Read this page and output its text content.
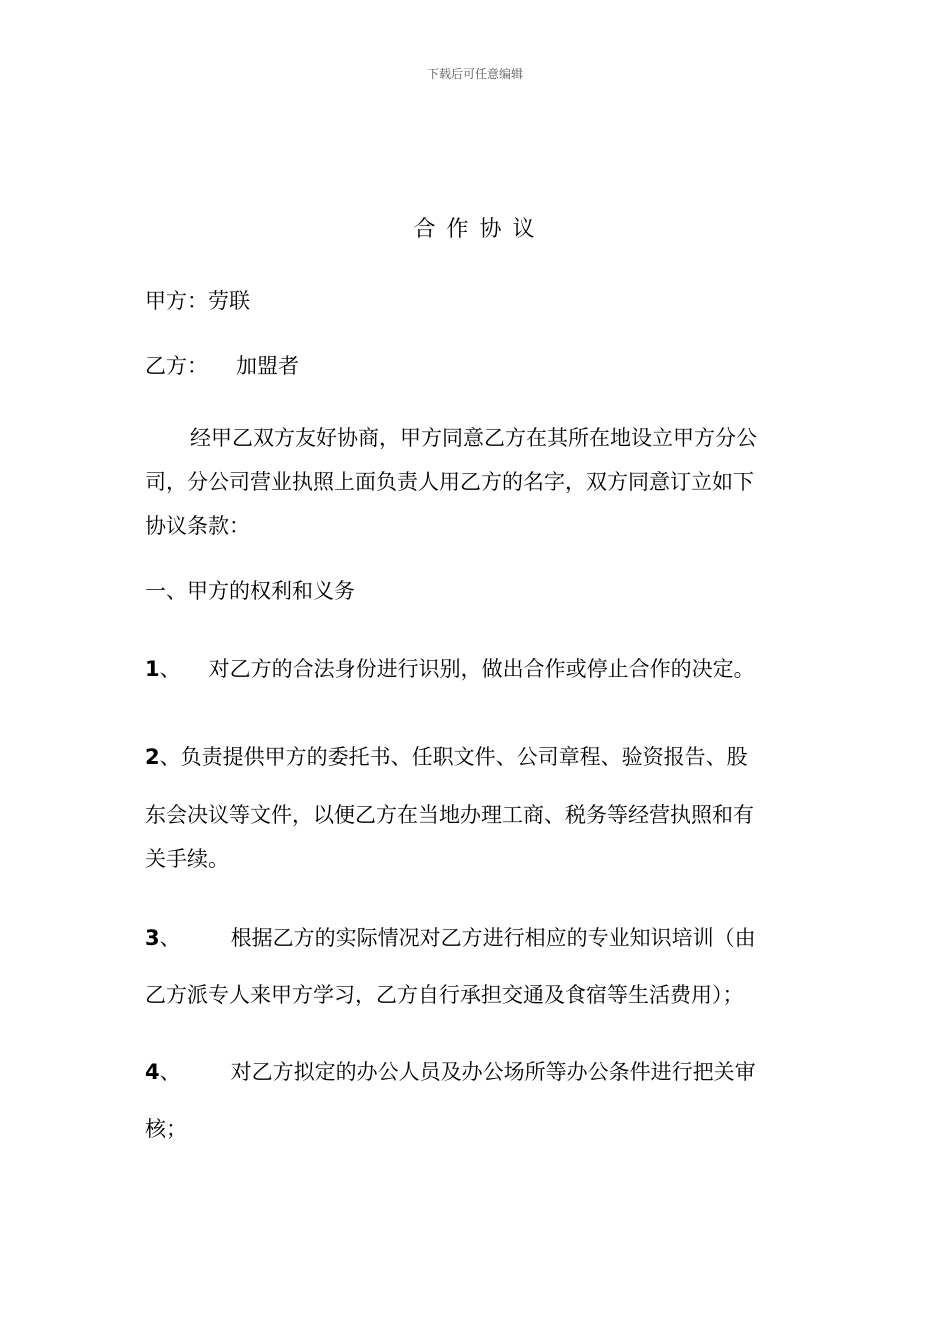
下载后可任意编辑
合 作 协 议
甲方：劳联
乙方： 加盟者
经甲乙双方友好协商，甲方同意乙方在其所在地设立甲方分公
司，分公司营业执照上面负责人用乙方的名字，双方同意订立如下
协议条款：
一、甲方的权利和义务
1、 对乙方的合法身份进行识别，做出合作或停止合作的决定。
2、负责提供甲方的委托书、任职文件、公司章程、验资报告、股
东会决议等文件，以便乙方在当地办理工商、税务等经营执照和有
关手续。
3、 根据乙方的实际情况对乙方进行相应的专业知识培训（由
乙方派专人来甲方学习，乙方自行承担交通及食宿等生活费用）；
4、 对乙方拟定的办公人员及办公场所等办公条件进行把关审
核；
